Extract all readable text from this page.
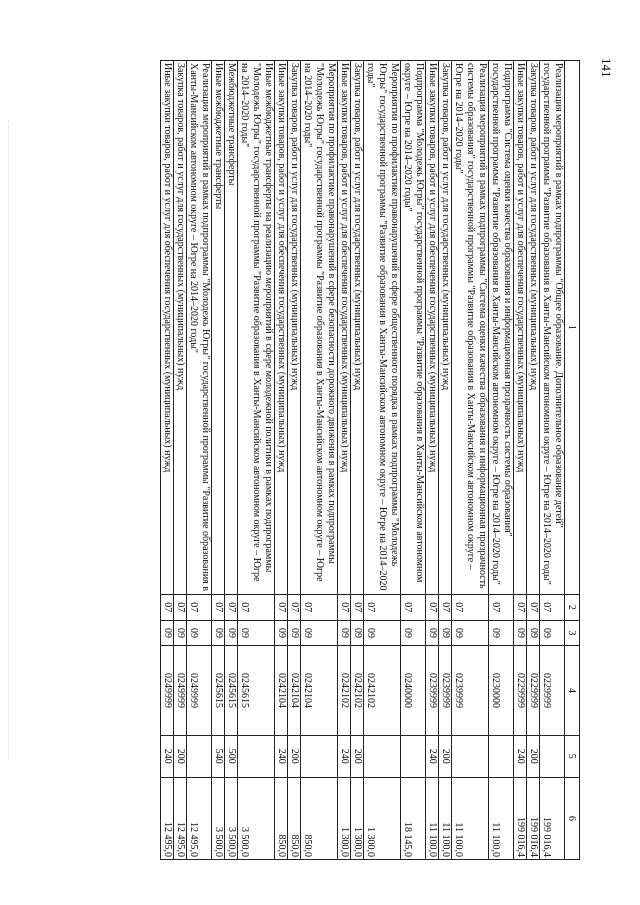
141
1	2	3	4	5	6
Реализация мероприятий в рамках подпрограммы "Общее образование. Дополнительное образование детей" государственной программы "Развитие образования в Ханты-Мансийском автономном округе – Югре на 2014–2020 годы"	07	09	0229999		199 016,4
Закупка товаров, работ и услуг для государственных (муниципальных) нужд	07	09	0229999	200	199 016,4
Иные закупки товаров, работ и услуг для обеспечения государственных (муниципальных) нужд	07	09	0229999	240	199 016,4
Подпрограмма "Система оценки качества образования и информационная прозрачность системы образования" государственной программы "Развитие образования в Ханты-Мансийском автономном округе – Югре на 2014–2020 годы"	07	09	0230000		11 100,0
Реализация мероприятий в рамках подпрограммы "Система оценки качества образования и информационная прозрачность системы образования" государственной программы "Развитие образования в Ханты-Мансийском автономном округе – Югре на 2014–2020 годы"	07	09	0239999		11 100,0
Закупка товаров, работ и услуг для государственных (муниципальных) нужд	07	09	0239999	200	11 100,0
Иные закупки товаров, работ и услуг для обеспечения государственных (муниципальных) нужд	07	09	0239999	240	11 100,0
Подпрограмма "Молодежь Югры" государственной программы "Развитие образования в Ханты-Мансийском автономном округе – Югре на 2014–2020 годы"	07	09	0240000		18 145,0
Мероприятия по профилактике правонарушений в сфере общественного порядка в рамках подпрограммы "Молодежь Югры" государственной программы "Развитие образования в Ханты-Мансийском автономном округе – Югре на 2014–2020 годы"	07	09	0242102		1 300,0
Закупка товаров, работ и услуг для государственных (муниципальных) нужд	07	09	0242102	200	1 300,0
Иные закупки товаров, работ и услуг для обеспечения государственных (муниципальных) нужд	07	09	0242102	240	1 300,0
Мероприятия по профилактике правонарушений в сфере безопасности дорожного движения в рамках подпрограммы "Молодежь Югры" государственной программы "Развитие образования в Ханты-Мансийском автономном округе – Югре на 2014–2020 годы"	07	09	0242104		850,0
Закупка товаров, работ и услуг для государственных (муниципальных) нужд	07	09	0242104	200	850,0
Иные закупки товаров, работ и услуг для обеспечения государственных (муниципальных) нужд	07	09	0242104	240	850,0
Иные межбюджетные трансферты на реализацию мероприятий в сфере молодежной политики в рамках подпрограммы "Молодежь Югры" государственной программы "Развитие образования в Ханты-Мансийском автономном округе – Югре на 2014–2020 годы"	07	09	0245615		3 500,0
Межбюджетные трансферты	07	09	0245615	500	3 500,0
Иные межбюджетные трансферты	07	09	0245615	540	3 500,0
Реализация мероприятий в рамках подпрограммы "Молодежь Югры" государственной программы "Развитие образования в Ханты-Мансийском автономном округе – Югре на 2014–2020 годы"	07	09	0249999		12 495,0
Закупка товаров, работ и услуг для государственных (муниципальных) нужд	07	09	0249999	200	12 495,0
Иные закупки товаров, работ и услуг для обеспечения государственных (муниципальных) нужд	07	09	0249999	240	12 495,0
